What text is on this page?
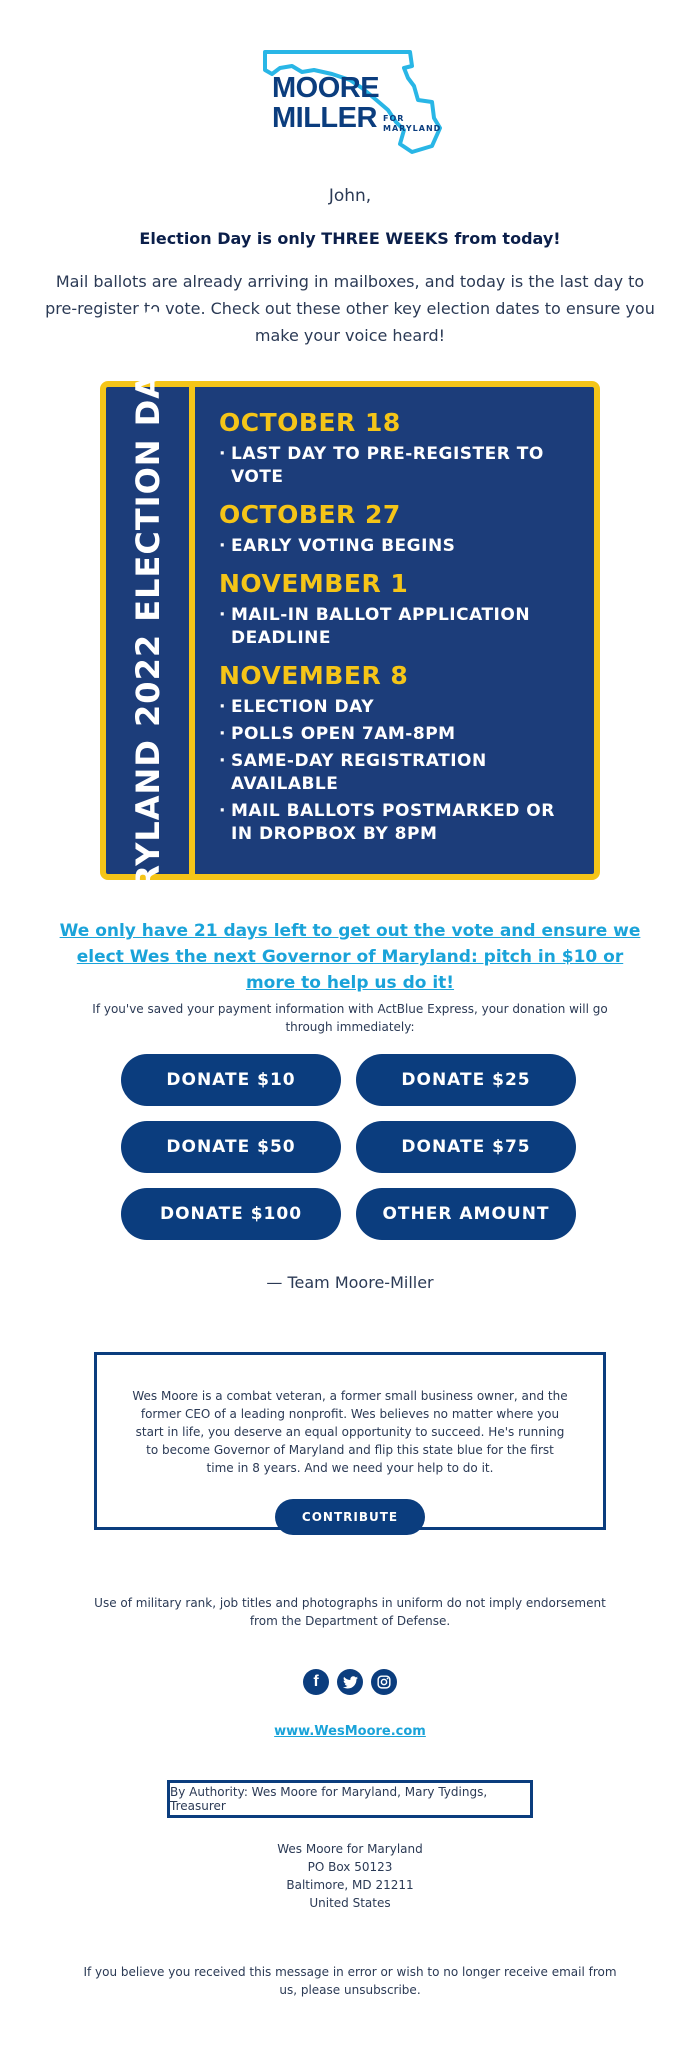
MOORE
MILLER FOR
MARYLAND
John,
Election Day is only THREE WEEKS from today!
Mail ballots are already arriving in mailboxes, and today is the last day to pre-register to vote. Check out these other key election dates to ensure you make your voice heard!
MARYLAND 2022 ELECTION DATES OCTOBER 18
· LAST DAY TO PRE-REGISTER TO VOTE
OCTOBER 27
· EARLY VOTING BEGINS
NOVEMBER 1
· MAIL-IN BALLOT APPLICATION DEADLINE
NOVEMBER 8
· ELECTION DAY
· POLLS OPEN 7AM-8PM
· SAME-DAY REGISTRATION AVAILABLE
· MAIL BALLOTS POSTMARKED OR IN DROPBOX BY 8PM
We only have 21 days left to get out the vote and ensure we elect Wes the next Governor of Maryland: pitch in $10 or more to help us do it!
If you've saved your payment information with ActBlue Express, your donation will go through immediately:
DONATE $10	DONATE $25
DONATE $50	DONATE $75
DONATE $100	OTHER AMOUNT
— Team Moore-Miller
Wes Moore is a combat veteran, a former small business owner, and the former CEO of a leading nonprofit. Wes believes no matter where you start in life, you deserve an equal opportunity to succeed. He's running to become Governor of Maryland and flip this state blue for the first time in 8 years. And we need your help to do it.
CONTRIBUTE
Use of military rank, job titles and photographs in uniform do not imply endorsement from the Department of Defense.
f
www.WesMoore.com
By Authority: Wes Moore for Maryland, Mary Tydings, Treasurer
Wes Moore for Maryland
PO Box 50123
Baltimore, MD 21211
United States
If you believe you received this message in error or wish to no longer receive email from us, please unsubscribe.
